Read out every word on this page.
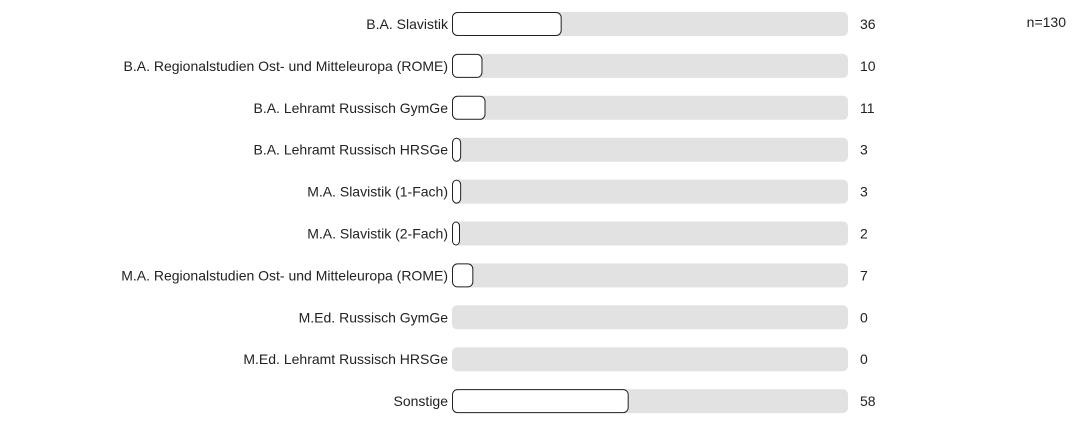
n=130
B.A. Slavistik	36
B.A. Regionalstudien Ost- und Mitteleuropa (ROME)	10
B.A. Lehramt Russisch GymGe	11
B.A. Lehramt Russisch HRSGe	3
M.A. Slavistik (1-Fach)	3
M.A. Slavistik (2-Fach)	2
M.A. Regionalstudien Ost- und Mitteleuropa (ROME)	7
M.Ed. Russisch GymGe	0
M.Ed. Lehramt Russisch HRSGe	0
Sonstige	58
